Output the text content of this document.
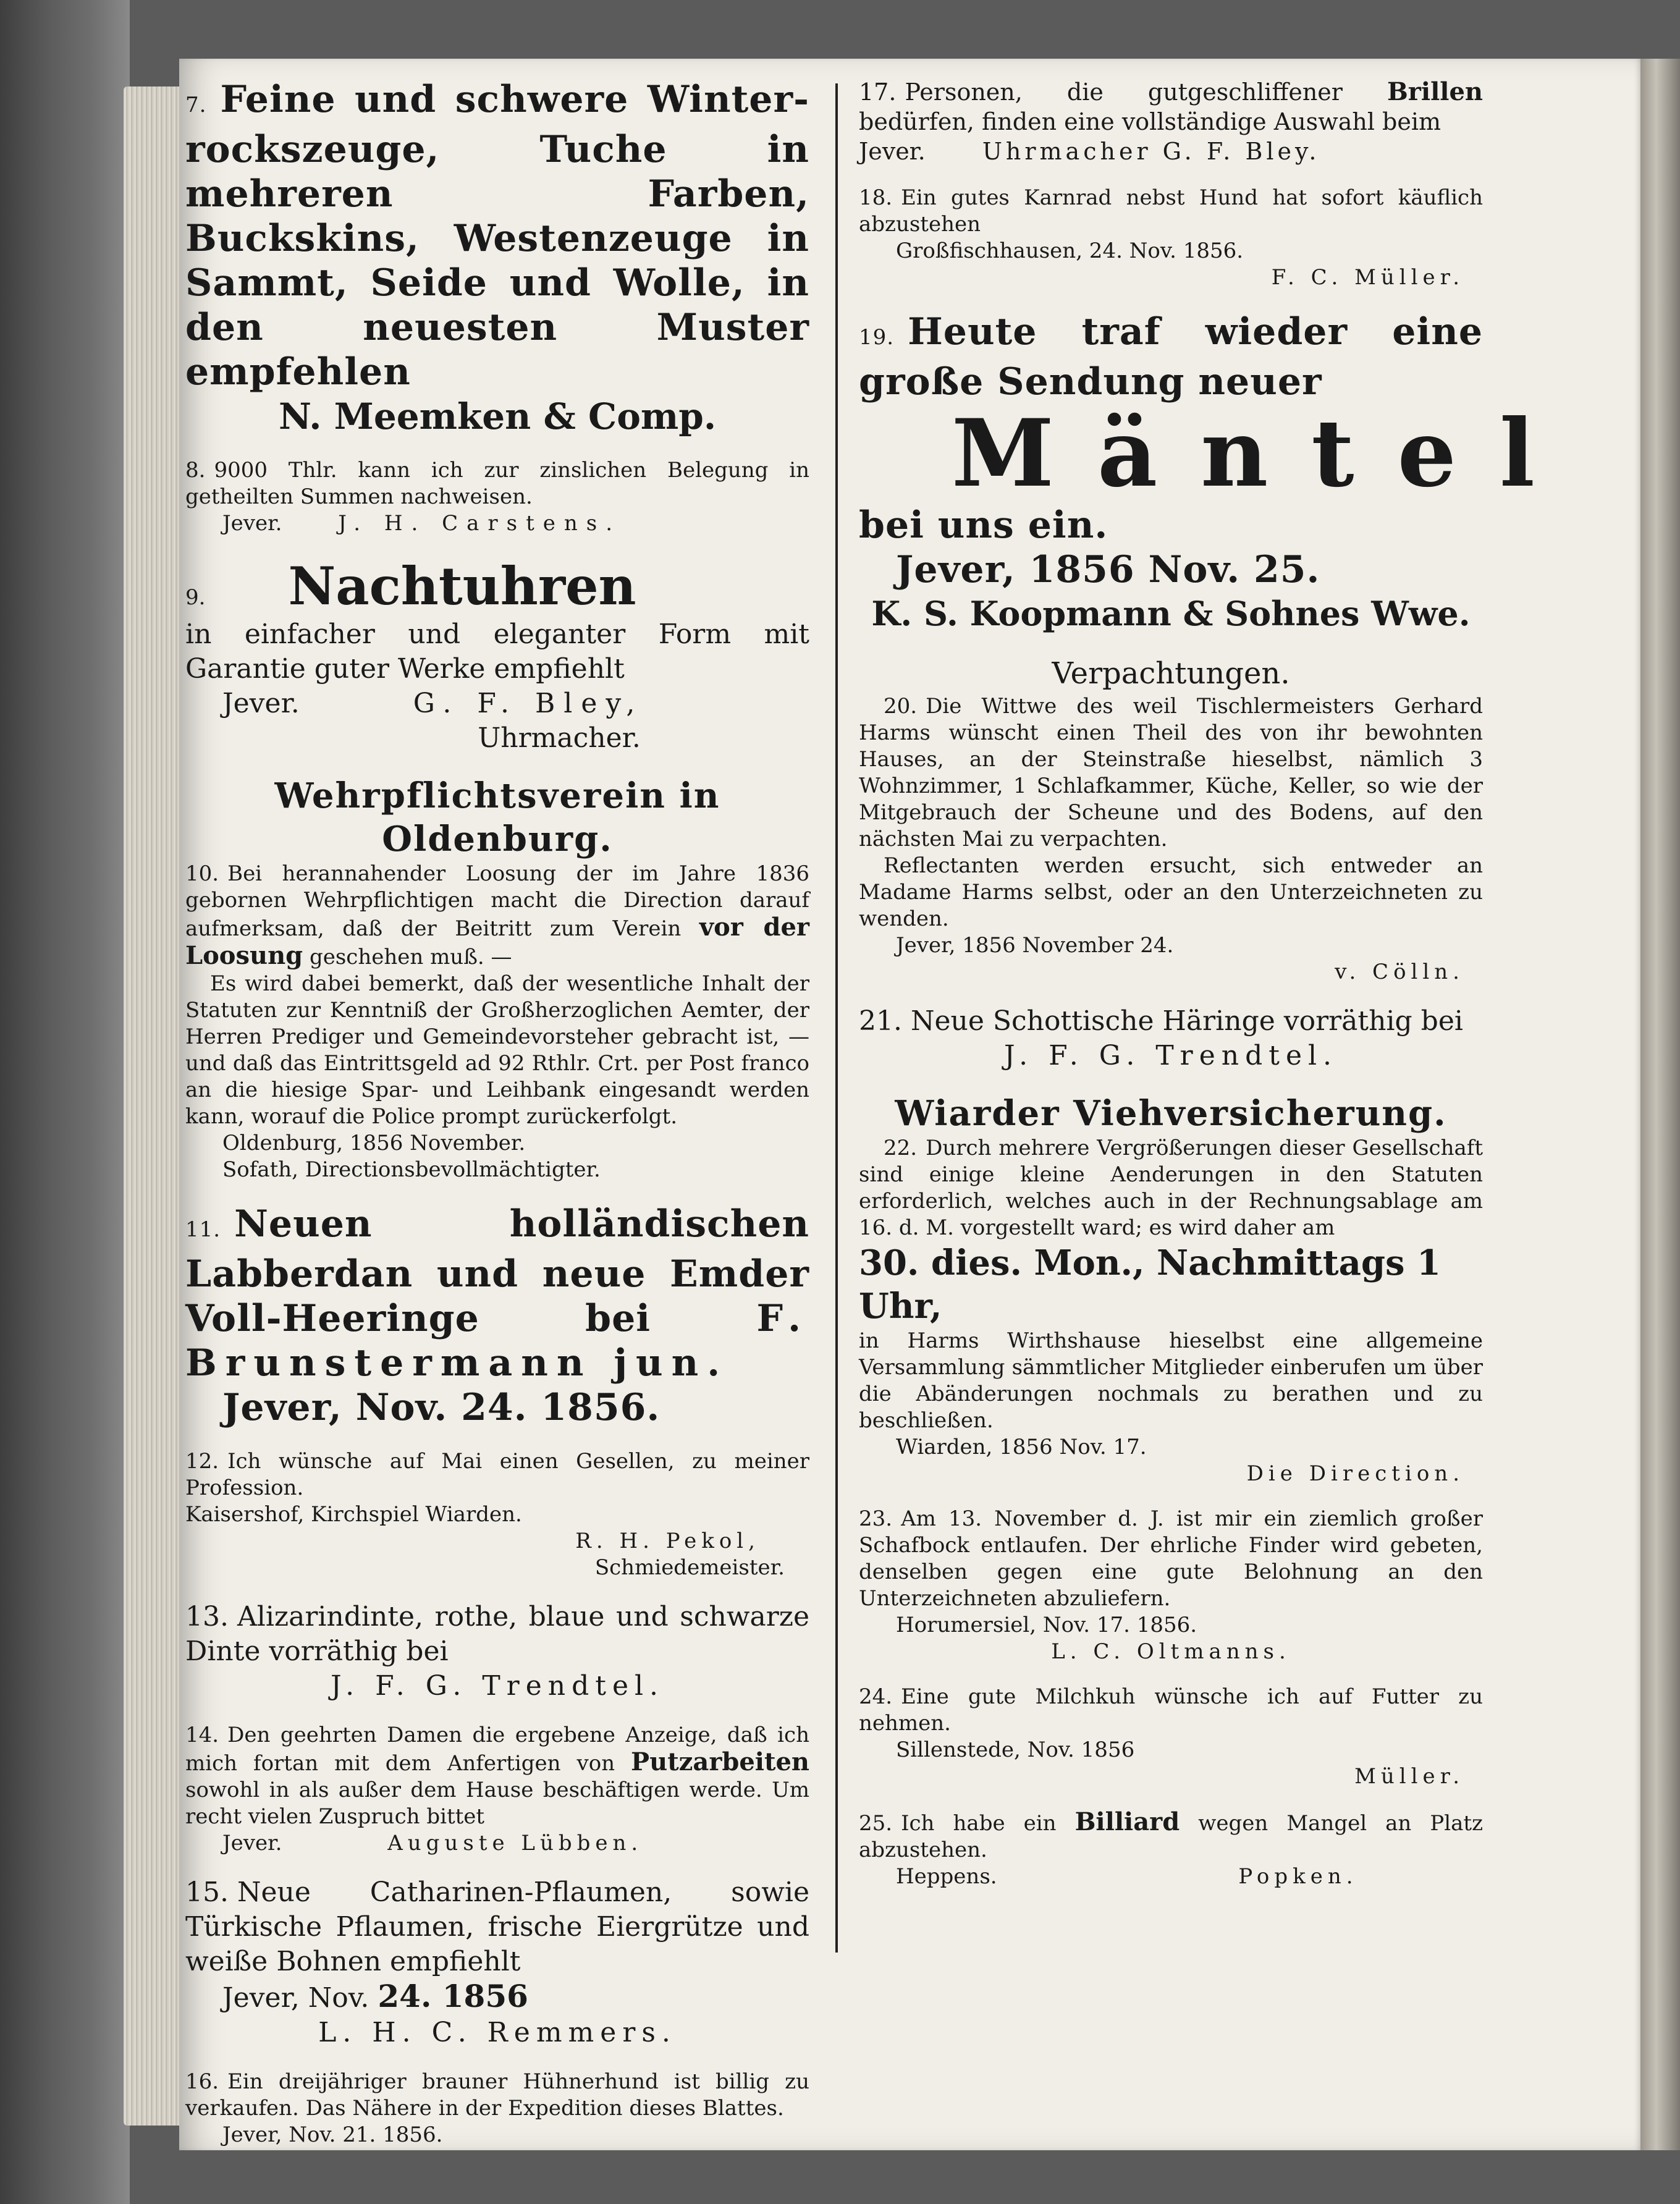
7. Feine und schwere Winter-rockszeuge, Tuche in mehreren Farben, Buckskins, Westenzeuge in Sammt, Seide und Wolle, in den neuesten Muster empfehlen

N. Meemken & Comp.

8. 9000 Thlr. kann ich zur zinslichen Belegung in getheilten Summen nachweisen.

Jever.	J. H. Carstens.

9. Nachtuhren

in einfacher und eleganter Form mit Garantie guter Werke empfiehlt

Jever.	G. F. Bley,

Uhrmacher.

Wehrpflichtsverein in Oldenburg.

10. Bei herannahender Loosung der im Jahre 1836 gebornen Wehrpflichtigen macht die Direction darauf aufmerksam, daß der Beitritt zum Verein vor der Loosung geschehen muß. —

Es wird dabei bemerkt, daß der wesentliche Inhalt der Statuten zur Kenntniß der Großherzoglichen Aemter, der Herren Prediger und Gemeindevorsteher gebracht ist, — und daß das Eintrittsgeld ad 92 Rthlr. Crt. per Post franco an die hiesige Spar- und Leihbank eingesandt werden kann, worauf die Police prompt zurückerfolgt.

Oldenburg, 1856 November.

Sofath, Directionsbevollmächtigter.

11. Neuen holländischen Labberdan und neue Emder Voll-Heeringe bei	F. Brunstermann jun.

Jever, Nov. 24. 1856.

12. Ich wünsche auf Mai einen Gesellen, zu meiner Profession.

Kaisershof, Kirchspiel Wiarden.

R. H. Pekol,

Schmiedemeister.

13. Alizarindinte, rothe, blaue und schwarze Dinte vorräthig bei

J. F. G. Trendtel.

14. Den geehrten Damen die ergebene Anzeige, daß ich mich fortan mit dem Anfertigen von Putzarbeiten sowohl in als außer dem Hause beschäftigen werde. Um recht vielen Zuspruch bittet

Jever.	Auguste Lübben.

15. Neue Catharinen-Pflaumen, sowie Türkische Pflaumen, frische Eiergrütze und weiße Bohnen empfiehlt

Jever, Nov. 24. 1856

L. H. C. Remmers.

16. Ein dreijähriger brauner Hühnerhund ist billig zu verkaufen. Das Nähere in der Expedition dieses Blattes.

Jever, Nov. 21. 1856.

17. Personen, die gutgeschliffener Brillen bedürfen, finden eine vollständige Auswahl beim

Jever. Uhrmacher G. F. Bley.

18. Ein gutes Karnrad nebst Hund hat sofort käuflich abzustehen

Großfischhausen, 24. Nov. 1856.

F. C. Müller.

19. Heute traf wieder eine große Sendung neuer

Mäntel

bei uns ein.

Jever, 1856 Nov. 25.

K. S. Koopmann & Sohnes Wwe.

Verpachtungen.

20. Die Wittwe des weil Tischlermeisters Gerhard Harms wünscht einen Theil des von ihr bewohnten Hauses, an der Steinstraße hieselbst, nämlich 3 Wohnzimmer, 1 Schlafkammer, Küche, Keller, so wie der Mitgebrauch der Scheune und des Bodens, auf den nächsten Mai zu verpachten.

Reflectanten werden ersucht, sich entweder an Madame Harms selbst, oder an den Unterzeichneten zu wenden.

Jever, 1856 November 24.

v. Cölln.

21. Neue Schottische Häringe vorräthig bei

J. F. G. Trendtel.

Wiarder Viehversicherung.

22. Durch mehrere Vergrößerungen dieser Gesellschaft sind einige kleine Aenderungen in den Statuten erforderlich, welches auch in der Rechnungsablage am 16. d. M. vorgestellt ward; es wird daher am

30. dies. Mon., Nachmittags 1 Uhr,

in Harms Wirthshause hieselbst eine allgemeine Versammlung sämmtlicher Mitglieder einberufen um über die Abänderungen nochmals zu berathen und zu beschließen.

Wiarden, 1856 Nov. 17.

Die Direction.

23. Am 13. November d. J. ist mir ein ziemlich großer Schafbock entlaufen. Der ehrliche Finder wird gebeten, denselben gegen eine gute Belohnung an den Unterzeichneten abzuliefern.

Horumersiel, Nov. 17. 1856.

L. C. Oltmanns.

24. Eine gute Milchkuh wünsche ich auf Futter zu nehmen.

Sillenstede, Nov. 1856

Müller.

25. Ich habe ein Billiard wegen Mangel an Platz abzustehen.

Heppens.	Popken.
